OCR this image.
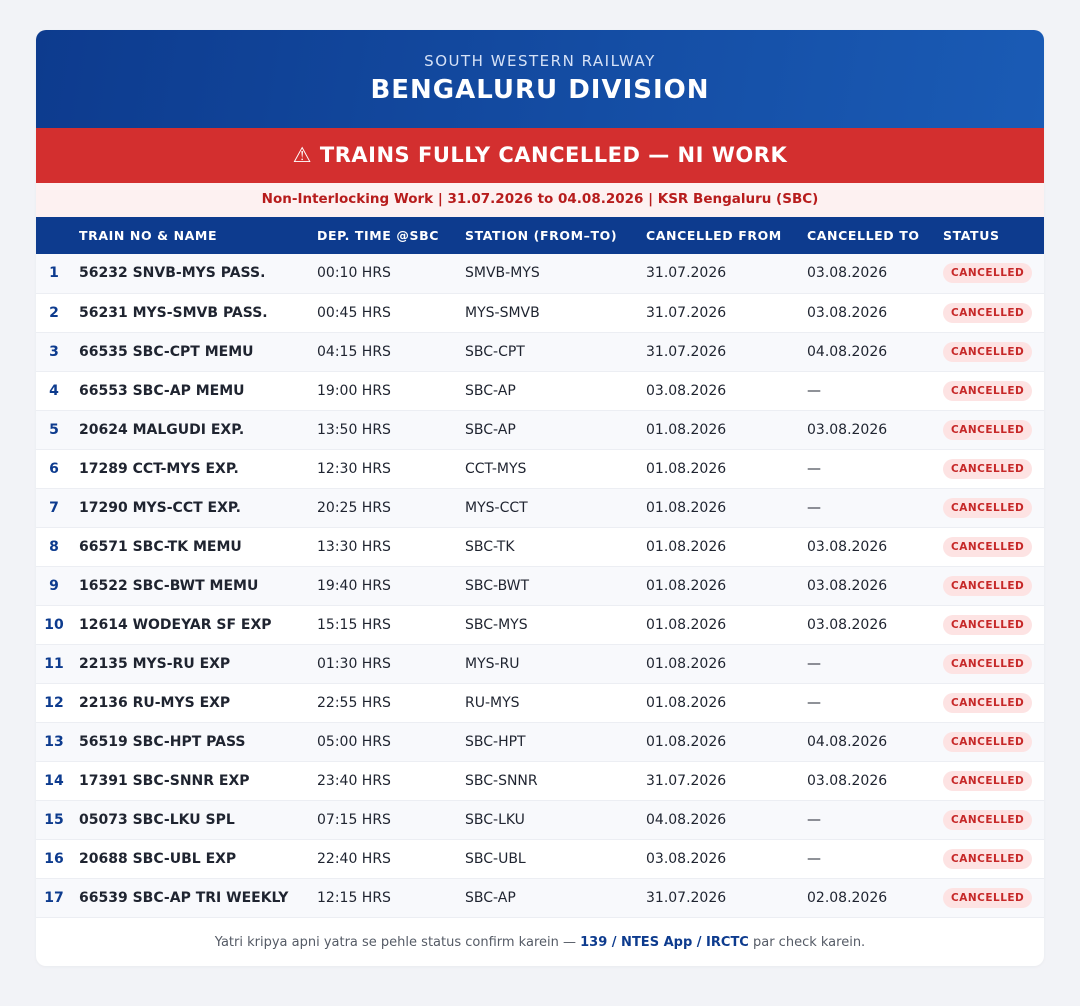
SOUTH WESTERN RAILWAY
BENGALURU DIVISION
⚠ TRAINS FULLY CANCELLED — NI WORK
Non-Interlocking Work | 31.07.2026 to 04.08.2026 | KSR Bengaluru (SBC)
	TRAIN NO & NAME	DEP. TIME @SBC	STATION (FROM–TO)	CANCELLED FROM	CANCELLED TO	STATUS
1	56232 SNVB-MYS PASS.	00:10 HRS	SMVB-MYS	31.07.2026	03.08.2026	CANCELLED
2	56231 MYS-SMVB PASS.	00:45 HRS	MYS-SMVB	31.07.2026	03.08.2026	CANCELLED
3	66535 SBC-CPT MEMU	04:15 HRS	SBC-CPT	31.07.2026	04.08.2026	CANCELLED
4	66553 SBC-AP MEMU	19:00 HRS	SBC-AP	03.08.2026	—	CANCELLED
5	20624 MALGUDI EXP.	13:50 HRS	SBC-AP	01.08.2026	03.08.2026	CANCELLED
6	17289 CCT-MYS EXP.	12:30 HRS	CCT-MYS	01.08.2026	—	CANCELLED
7	17290 MYS-CCT EXP.	20:25 HRS	MYS-CCT	01.08.2026	—	CANCELLED
8	66571 SBC-TK MEMU	13:30 HRS	SBC-TK	01.08.2026	03.08.2026	CANCELLED
9	16522 SBC-BWT MEMU	19:40 HRS	SBC-BWT	01.08.2026	03.08.2026	CANCELLED
10	12614 WODEYAR SF EXP	15:15 HRS	SBC-MYS	01.08.2026	03.08.2026	CANCELLED
11	22135 MYS-RU EXP	01:30 HRS	MYS-RU	01.08.2026	—	CANCELLED
12	22136 RU-MYS EXP	22:55 HRS	RU-MYS	01.08.2026	—	CANCELLED
13	56519 SBC-HPT PASS	05:00 HRS	SBC-HPT	01.08.2026	04.08.2026	CANCELLED
14	17391 SBC-SNNR EXP	23:40 HRS	SBC-SNNR	31.07.2026	03.08.2026	CANCELLED
15	05073 SBC-LKU SPL	07:15 HRS	SBC-LKU	04.08.2026	—	CANCELLED
16	20688 SBC-UBL EXP	22:40 HRS	SBC-UBL	03.08.2026	—	CANCELLED
17	66539 SBC-AP TRI WEEKLY	12:15 HRS	SBC-AP	31.07.2026	02.08.2026	CANCELLED
Yatri kripya apni yatra se pehle status confirm karein — 139 / NTES App / IRCTC par check karein.
